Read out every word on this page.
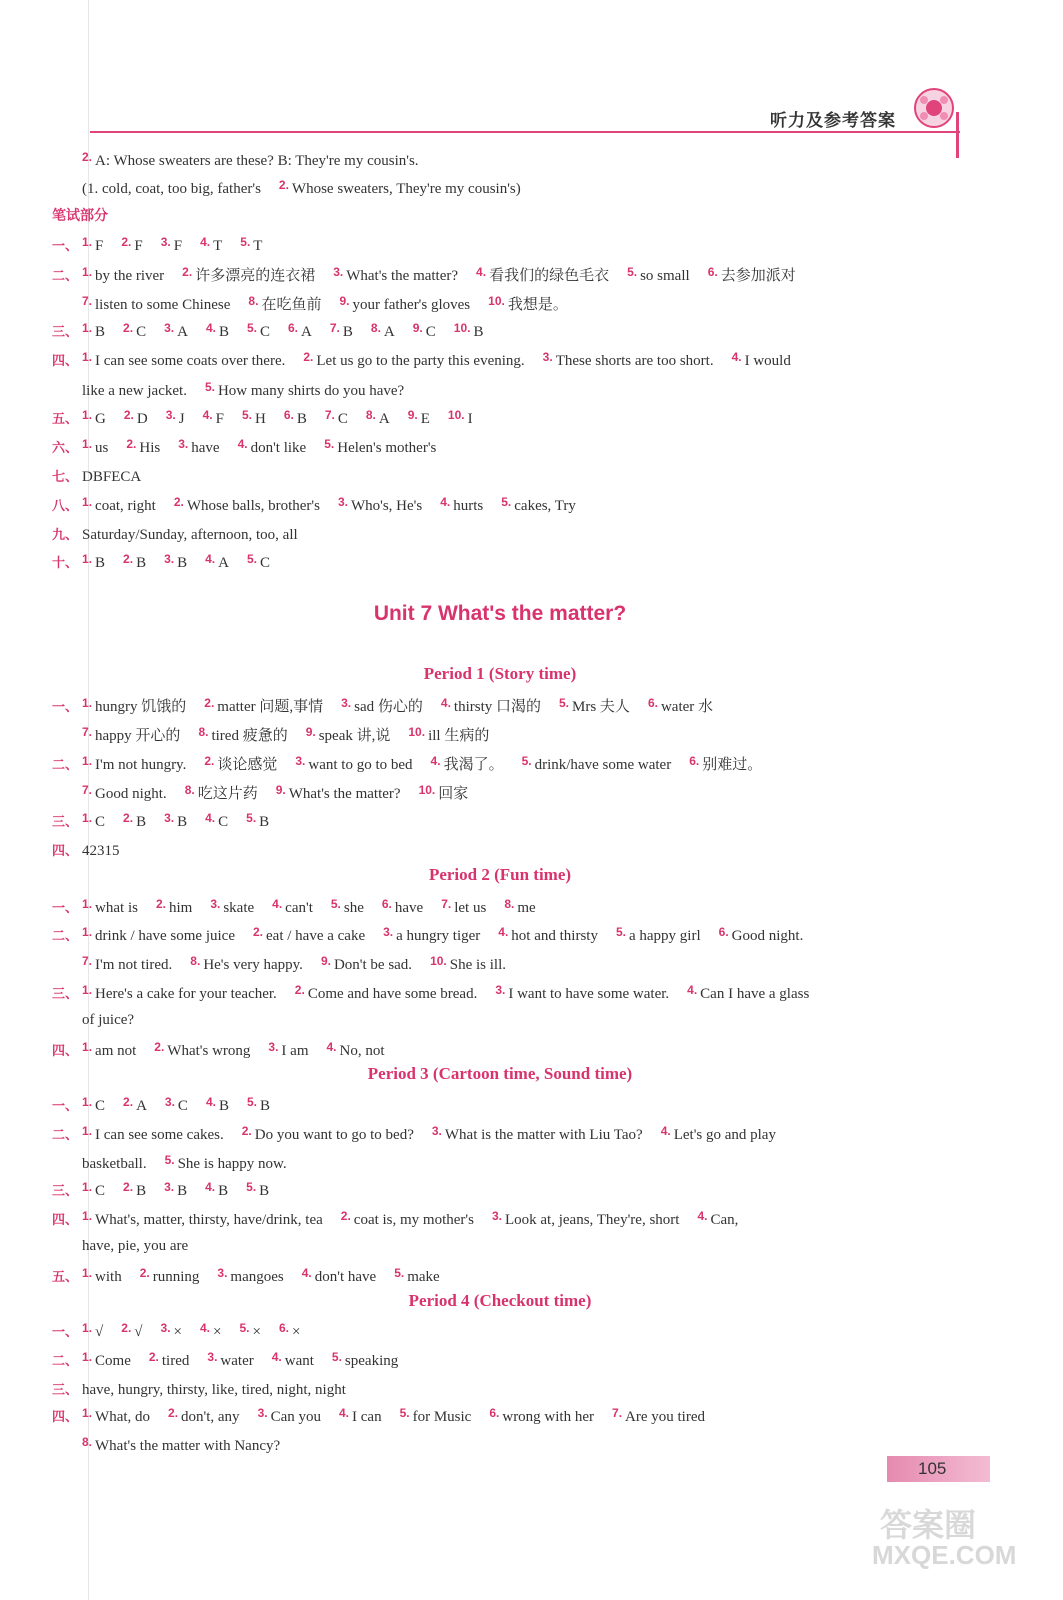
听力及参考答案
$^{2.}$ A: Whose sweaters are these? B: They're my cousin's.
(1. cold, coat, too big, father's $^{2.}$ Whose sweaters, They're my cousin's)
笔试部分
一、 $^{1.}$ F $^{2.}$ F $^{3.}$ F $^{4.}$ T $^{5.}$ T
二、 $^{1.}$ by the river $^{2.}$ 许多漂亮的连衣裙 $^{3.}$ What's the matter? $^{4.}$ 看我们的绿色毛衣 $^{5.}$ so small $^{6.}$ 去参加派对
$^{7.}$ listen to some Chinese $^{8.}$ 在吃鱼前 $^{9.}$ your father's gloves $^{10.}$ 我想是。
三、 $^{1.}$ B $^{2.}$ C $^{3.}$ A $^{4.}$ B $^{5.}$ C $^{6.}$ A $^{7.}$ B $^{8.}$ A $^{9.}$ C $^{10.}$ B
四、 $^{1.}$ I can see some coats over there. $^{2.}$ Let us go to the party this evening. $^{3.}$ These shorts are too short. $^{4.}$ I would
like a new jacket. $^{5.}$ How many shirts do you have?
五、 $^{1.}$ G $^{2.}$ D $^{3.}$ J $^{4.}$ F $^{5.}$ H $^{6.}$ B $^{7.}$ C $^{8.}$ A $^{9.}$ E $^{10.}$ I
六、 $^{1.}$ us $^{2.}$ His $^{3.}$ have $^{4.}$ don't like $^{5.}$ Helen's mother's
七、 DBFECA
八、 $^{1.}$ coat, right $^{2.}$ Whose balls, brother's $^{3.}$ Who's, He's $^{4.}$ hurts $^{5.}$ cakes, Try
九、 Saturday/Sunday, afternoon, too, all
十、 $^{1.}$ B $^{2.}$ B $^{3.}$ B $^{4.}$ A $^{5.}$ C
Unit 7 What's the matter?
Period 1 (Story time)
一、 $^{1.}$ hungry 饥饿的 $^{2.}$ matter 问题,事情 $^{3.}$ sad 伤心的 $^{4.}$ thirsty 口渴的 $^{5.}$ Mrs 夫人 $^{6.}$ water 水
$^{7.}$ happy 开心的 $^{8.}$ tired 疲惫的 $^{9.}$ speak 讲,说 $^{10.}$ ill 生病的
二、 $^{1.}$ I'm not hungry. $^{2.}$ 谈论感觉 $^{3.}$ want to go to bed $^{4.}$ 我渴了。 $^{5.}$ drink/have some water $^{6.}$ 别难过。
$^{7.}$ Good night. $^{8.}$ 吃这片药 $^{9.}$ What's the matter? $^{10.}$ 回家
三、 $^{1.}$ C $^{2.}$ B $^{3.}$ B $^{4.}$ C $^{5.}$ B
四、 42315
Period 2 (Fun time)
一、 $^{1.}$ what is $^{2.}$ him $^{3.}$ skate $^{4.}$ can't $^{5.}$ she $^{6.}$ have $^{7.}$ let us $^{8.}$ me
二、 $^{1.}$ drink / have some juice $^{2.}$ eat / have a cake $^{3.}$ a hungry tiger $^{4.}$ hot and thirsty $^{5.}$ a happy girl $^{6.}$ Good night.
$^{7.}$ I'm not tired. $^{8.}$ He's very happy. $^{9.}$ Don't be sad. $^{10.}$ She is ill.
三、 $^{1.}$ Here's a cake for your teacher. $^{2.}$ Come and have some bread. $^{3.}$ I want to have some water. $^{4.}$ Can I have a glass
of juice?
四、 $^{1.}$ am not $^{2.}$ What's wrong $^{3.}$ I am $^{4.}$ No, not
Period 3 (Cartoon time, Sound time)
一、 $^{1.}$ C $^{2.}$ A $^{3.}$ C $^{4.}$ B $^{5.}$ B
二、 $^{1.}$ I can see some cakes. $^{2.}$ Do you want to go to bed? $^{3.}$ What is the matter with Liu Tao? $^{4.}$ Let's go and play
basketball. $^{5.}$ She is happy now.
三、 $^{1.}$ C $^{2.}$ B $^{3.}$ B $^{4.}$ B $^{5.}$ B
四、 $^{1.}$ What's, matter, thirsty, have/drink, tea $^{2.}$ coat is, my mother's $^{3.}$ Look at, jeans, They're, short $^{4.}$ Can,
have, pie, you are
五、 $^{1.}$ with $^{2.}$ running $^{3.}$ mangoes $^{4.}$ don't have $^{5.}$ make
Period 4 (Checkout time)
一、 $^{1.}$ √ $^{2.}$ √ $^{3.}$ × $^{4.}$ × $^{5.}$ × $^{6.}$ ×
二、 $^{1.}$ Come $^{2.}$ tired $^{3.}$ water $^{4.}$ want $^{5.}$ speaking
三、 have, hungry, thirsty, like, tired, night, night
四、 $^{1.}$ What, do $^{2.}$ don't, any $^{3.}$ Can you $^{4.}$ I can $^{5.}$ for Music $^{6.}$ wrong with her $^{7.}$ Are you tired
$^{8.}$ What's the matter with Nancy?
105
答案圈
MXQE.COM
